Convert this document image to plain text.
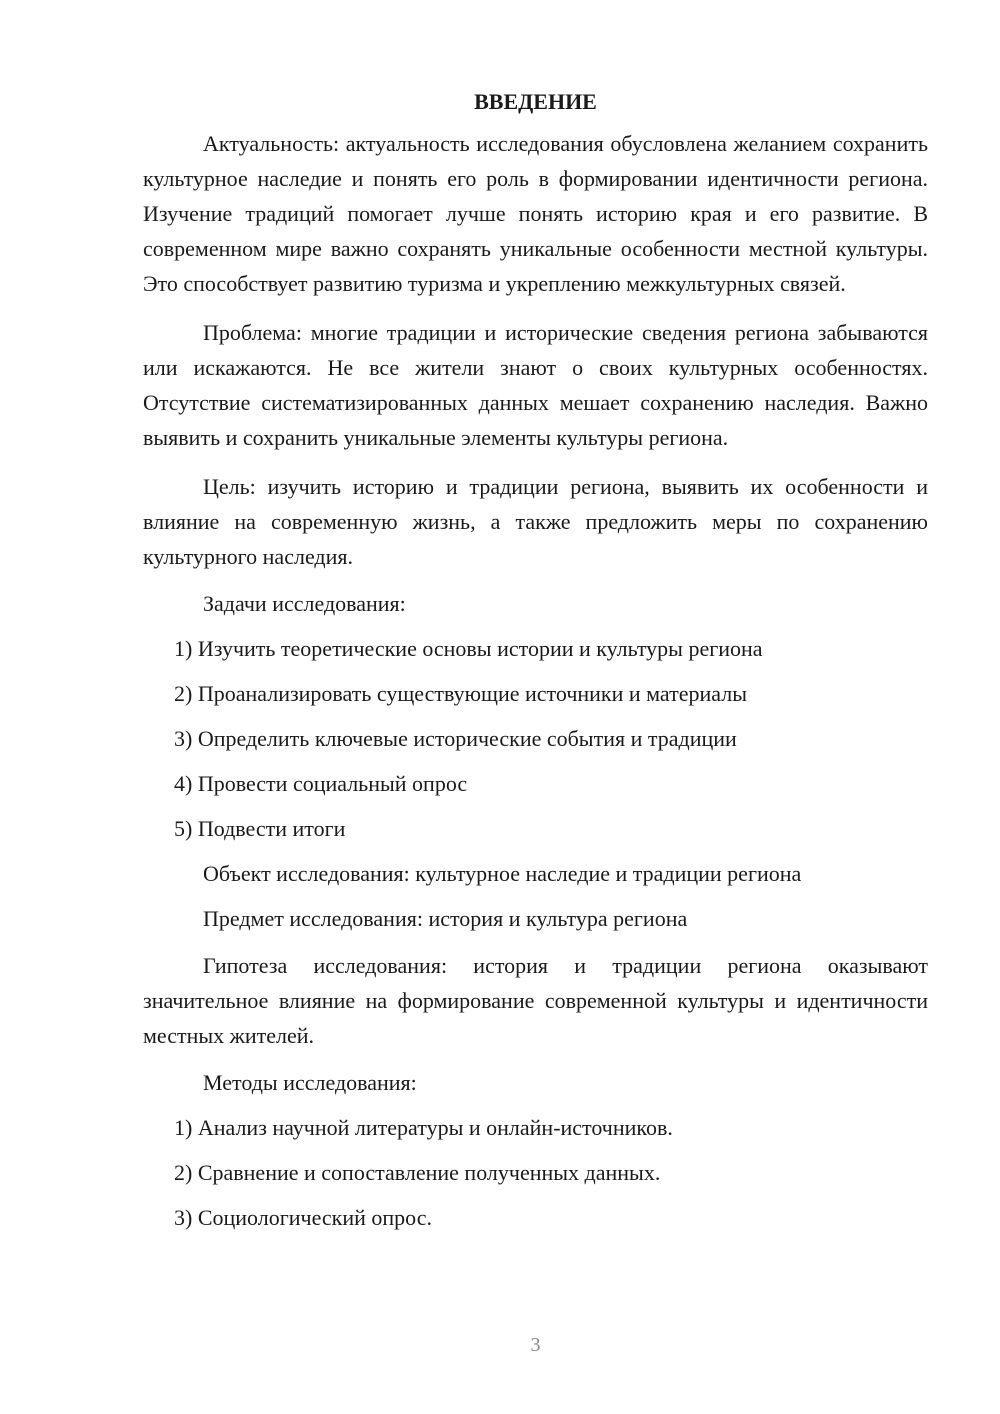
ВВЕДЕНИЕ

Актуальность: актуальность исследования обусловлена желанием сохранить культурное наследие и понять его роль в формировании идентичности региона. Изучение традиций помогает лучше понять историю края и его развитие. В современном мире важно сохранять уникальные особенности местной культуры. Это способствует развитию туризма и укреплению межкультурных связей.

Проблема: многие традиции и исторические сведения региона забываются или искажаются. Не все жители знают о своих культурных особенностях. Отсутствие систематизированных данных мешает сохранению наследия. Важно выявить и сохранить уникальные элементы культуры региона.

Цель: изучить историю и традиции региона, выявить их особенности и влияние на современную жизнь, а также предложить меры по сохранению культурного наследия.

Задачи исследования:

1) Изучить теоретические основы истории и культуры региона

2) Проанализировать существующие источники и материалы

3) Определить ключевые исторические события и традиции

4) Провести социальный опрос

5) Подвести итоги

Объект исследования: культурное наследие и традиции региона

Предмет исследования: история и культура региона

Гипотеза исследования: история и традиции региона оказывают значительное влияние на формирование современной культуры и идентичности местных жителей.

Методы исследования:

1) Анализ научной литературы и онлайн-источников.

2) Сравнение и сопоставление полученных данных.

3) Социологический опрос.

3
